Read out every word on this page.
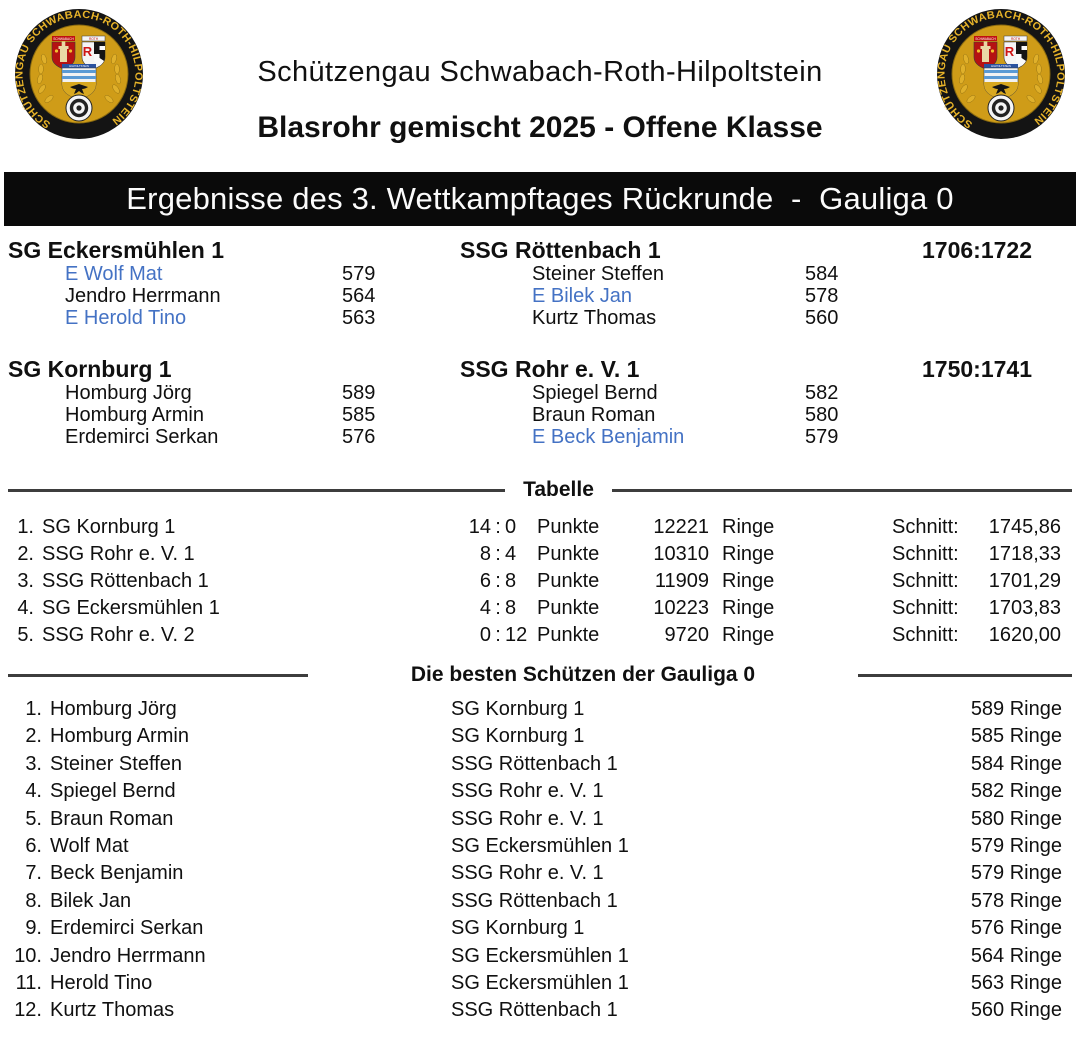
SCHÜTZENGAU SCHWABACH-ROTH-HILPOLTSTEIN
SCHWABACH	ROTH
R
HILPOLTSTEIN	Schützengau Schwabach-Roth-Hilpoltstein
Blasrohr gemischt 2025 - Offene Klasse	SCHÜTZENGAU SCHWABACH-ROTH-HILPOLTSTEIN
SCHWABACH	ROTH
R
HILPOLTSTEIN
Ergebnisse des 3. Wettkampftages Rückrunde  -  Gauliga 0
SG Eckersmühlen 1	SSG Röttenbach 1	1706:1722
E Wolf Mat	579	Steiner Steffen	584
Jendro Herrmann	564	E Bilek Jan	578
E Herold Tino	563	Kurtz Thomas	560
SG Kornburg 1	SSG Rohr e. V. 1	1750:1741
Homburg Jörg	589	Spiegel Bernd	582
Homburg Armin	585	Braun Roman	580
Erdemirci Serkan	576	E Beck Benjamin	579
Tabelle
1. SG Kornburg 1	14 : 0	Punkte	12221 Ringe	Schnitt:	1745,86
2. SSG Rohr e. V. 1	8 : 4	Punkte	10310 Ringe	Schnitt:	1718,33
3. SSG Röttenbach 1	6 : 8	Punkte	11909 Ringe	Schnitt:	1701,29
4. SG Eckersmühlen 1	4 : 8	Punkte	10223 Ringe	Schnitt:	1703,83
5. SSG Rohr e. V. 2	0 : 12 Punkte	9720 Ringe	Schnitt:	1620,00
Die besten Schützen der Gauliga 0
1. Homburg Jörg	SG Kornburg 1	589 Ringe
2. Homburg Armin	SG Kornburg 1	585 Ringe
3. Steiner Steffen	SSG Röttenbach 1	584 Ringe
4. Spiegel Bernd	SSG Rohr e. V. 1	582 Ringe
5. Braun Roman	SSG Rohr e. V. 1	580 Ringe
6. Wolf Mat	SG Eckersmühlen 1	579 Ringe
7. Beck Benjamin	SSG Rohr e. V. 1	579 Ringe
8. Bilek Jan	SSG Röttenbach 1	578 Ringe
9. Erdemirci Serkan	SG Kornburg 1	576 Ringe
10. Jendro Herrmann	SG Eckersmühlen 1	564 Ringe
11. Herold Tino	SG Eckersmühlen 1	563 Ringe
12. Kurtz Thomas	SSG Röttenbach 1	560 Ringe
